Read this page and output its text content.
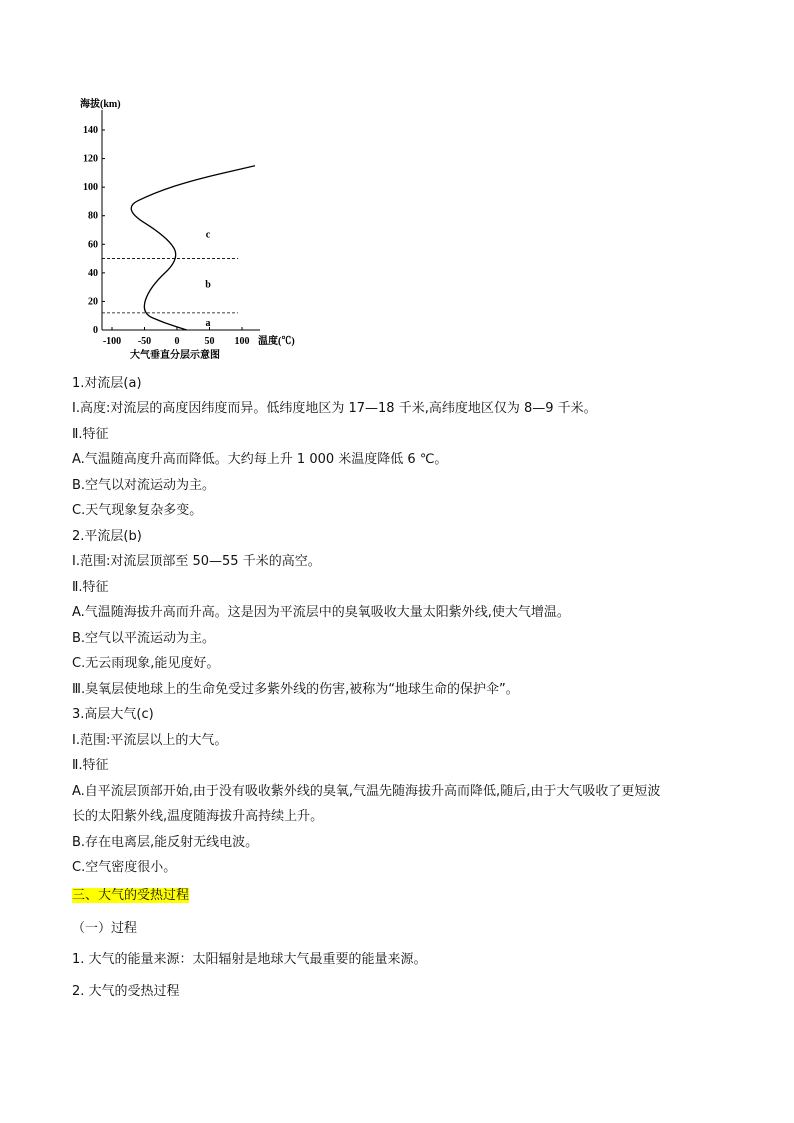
0
20
40
60
80
100
120
140
-100 -50 0	50 100
海拔(km)
温度(℃)
大气垂直分层示意图
a
b
c
1.对流层(a)
Ⅰ.高度:对流层的高度因纬度而异。低纬度地区为 17—18 千米,高纬度地区仅为 8—9 千米。
Ⅱ.特征
A.气温随高度升高而降低。大约每上升 1 000 米温度降低 6 ℃。
B.空气以对流运动为主。
C.天气现象复杂多变。
2.平流层(b)
Ⅰ.范围:对流层顶部至 50—55 千米的高空。
Ⅱ.特征
A.气温随海拔升高而升高。这是因为平流层中的臭氧吸收大量太阳紫外线,使大气增温。
B.空气以平流运动为主。
C.无云雨现象,能见度好。
Ⅲ.臭氧层使地球上的生命免受过多紫外线的伤害,被称为“地球生命的保护伞”。
3.高层大气(c)
Ⅰ.范围:平流层以上的大气。
Ⅱ.特征
A.自平流层顶部开始,由于没有吸收紫外线的臭氧,气温先随海拔升高而降低,随后,由于大气吸收了更短波
长的太阳紫外线,温度随海拔升高持续上升。
B.存在电离层,能反射无线电波。
C.空气密度很小。
三、大气的受热过程
（一）过程
1. 大气的能量来源：太阳辐射是地球大气最重要的能量来源。
2. 大气的受热过程
